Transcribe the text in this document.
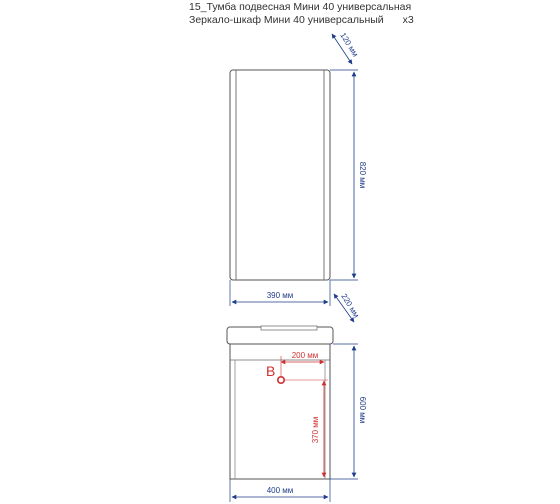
15_Тумба подвесная Мини 40 универсальная
Зеркало-шкаф Мини 40 универсальный х3
820 мм
120 мм
390 мм
600 мм
220 мм
400 мм
200 мм
370 мм
В
